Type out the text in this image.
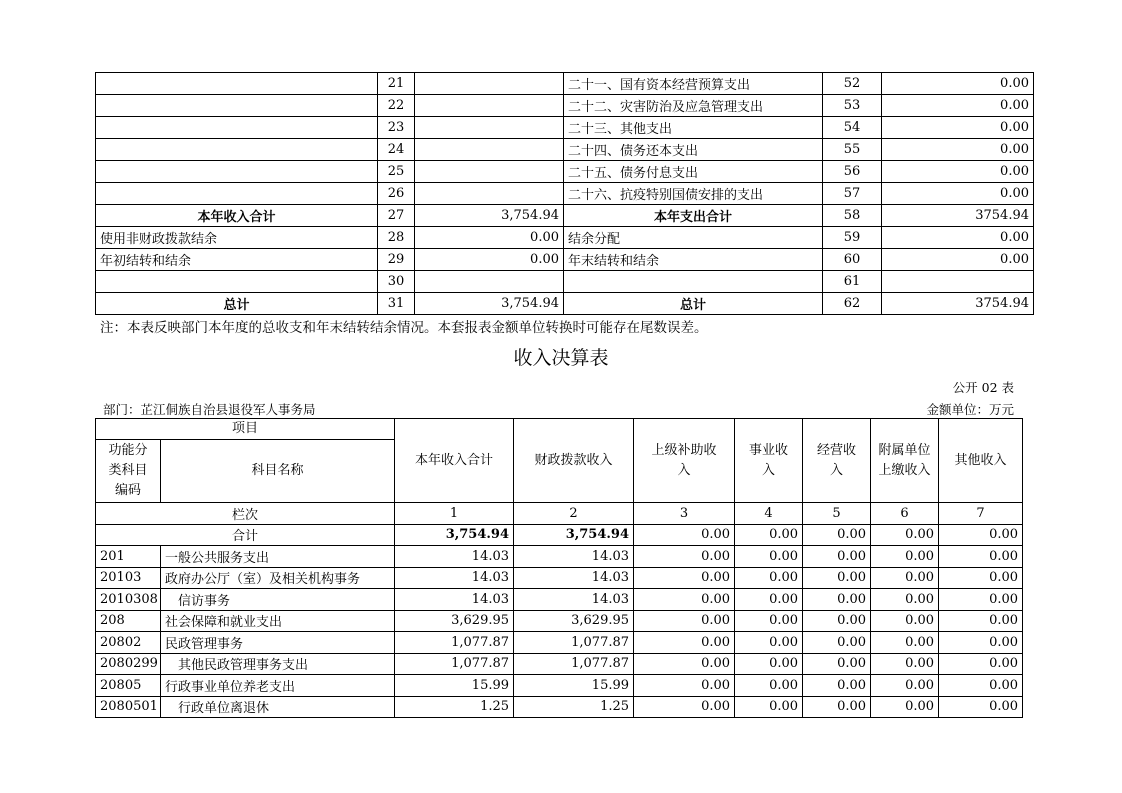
	21		二十一、国有资本经营预算支出	52	0.00
	22		二十二、灾害防治及应急管理支出	53	0.00
	23		二十三、其他支出	54	0.00
	24		二十四、债务还本支出	55	0.00
	25		二十五、债务付息支出	56	0.00
	26		二十六、抗疫特别国债安排的支出	57	0.00
本年收入合计	27	3,754.94	本年支出合计	58	3754.94
使用非财政拨款结余	28	0.00	结余分配	59	0.00
年初结转和结余	29	0.00	年末结转和结余	60	0.00
	30			61	
总计	31	3,754.94	总计	62	3754.94
注：本表反映部门本年度的总收支和年末结转结余情况。本套报表金额单位转换时可能存在尾数误差。
收入决算表
公开 02 表
部门：芷江侗族自治县退役军人事务局	金额单位：万元
项目		本年收入合计	财政拨款收入	上级补助收入	事业收入	经营收入	附属单位上缴收入	其他收入
功能分类科目编码	科目名称							
栏次		1	2	3	4	5	6	7
合计		3,754.94	3,754.94	0.00	0.00	0.00	0.00	0.00
201	一般公共服务支出	14.03	14.03	0.00	0.00	0.00	0.00	0.00
20103	政府办公厅（室）及相关机构事务	14.03	14.03	0.00	0.00	0.00	0.00	0.00
2010308	　信访事务	14.03	14.03	0.00	0.00	0.00	0.00	0.00
208	社会保障和就业支出	3,629.95	3,629.95	0.00	0.00	0.00	0.00	0.00
20802	民政管理事务	1,077.87	1,077.87	0.00	0.00	0.00	0.00	0.00
2080299	　其他民政管理事务支出	1,077.87	1,077.87	0.00	0.00	0.00	0.00	0.00
20805	行政事业单位养老支出	15.99	15.99	0.00	0.00	0.00	0.00	0.00
2080501	　行政单位离退休	1.25	1.25	0.00	0.00	0.00	0.00	0.00
